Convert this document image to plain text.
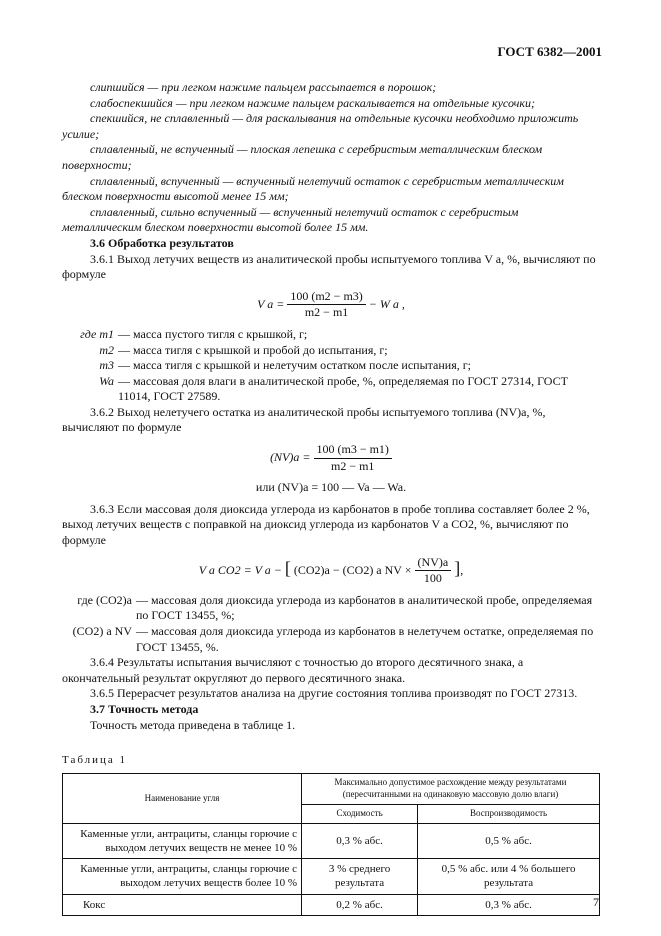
ГОСТ 6382—2001

слипшийся — при легком нажиме пальцем рассыпается в порошок;

слабоспекшийся — при легком нажиме пальцем раскалывается на отдельные кусочки;

спекшийся, не сплавленный — для раскалывания на отдельные кусочки необходимо приложить усилие;

сплавленный, не вспученный — плоская лепешка с серебристым металлическим блеском поверхности;

сплавленный, вспученный — вспученный нелетучий остаток с серебристым металлическим блеском поверхности высотой менее 15 мм;

сплавленный, сильно вспученный — вспученный нелетучий остаток с серебристым металлическим блеском поверхности высотой более 15 мм.

3.6 Обработка результатов

3.6.1 Выход летучих веществ из аналитической пробы испытуемого топлива V a, %, вычисляют по формуле

V $a = \frac{100 (m2 - m3)}{m2 - m1} - W$ a ,
где m1 — масса пустого тигля с крышкой, г;
m2 — масса тигля с крышкой и пробой до испытания, г;
m3 — масса тигля с крышкой и нелетучим остатком после испытания, г;
Wa — массовая доля влаги в аналитической пробе, %, определяемая по ГОСТ 27314, ГОСТ 11014, ГОСТ 27589.

3.6.2 Выход нелетучего остатка из аналитической пробы испытуемого топлива (NV)a, %, вычисляют по формуле

$(NV)a = \frac{100 (m3 - m1)}{m2 - m1}$
или (NV)a = 100 — Va — Wa.

3.6.3 Если массовая доля диоксида углерода из карбонатов в пробе топлива составляет более 2 %, выход летучих веществ с поправкой на диоксид углерода из карбонатов V a CO2, %, вычисляют по формуле

V a CO2 = V a − [ (CO2)a − (CO2) a NV × $\frac{(NV)a}{100}$ ],
где (CO2)a — массовая доля диоксида углерода из карбонатов в аналитической пробе, определяемая по ГОСТ 13455, %;
(CO2) a NV — массовая доля диоксида углерода из карбонатов в нелетучем остатке, определяемая по ГОСТ 13455, %.

3.6.4 Результаты испытания вычисляют с точностью до второго десятичного знака, а окончательный результат округляют до первого десятичного знака.

3.6.5 Перерасчет результатов анализа на другие состояния топлива производят по ГОСТ 27313.

3.7 Точность метода

Точность метода приведена в таблице 1.

Таблица 1
Наименование угля	Максимально допустимое расхождение между результатами (пересчитанными на одинаковую массовую долю влаги)	
	Сходимость	Воспроизводимость
Каменные угли, антрациты, сланцы горючие с выходом летучих веществ не менее 10 %	0,3 % абс.	0,5 % абс.
Каменные угли, антрациты, сланцы горючие с выходом летучих веществ более 10 %	3 % среднего результата	0,5 % абс. или 4 % большего результата
Кокс	0,2 % абс.	0,3 % абс.	7
